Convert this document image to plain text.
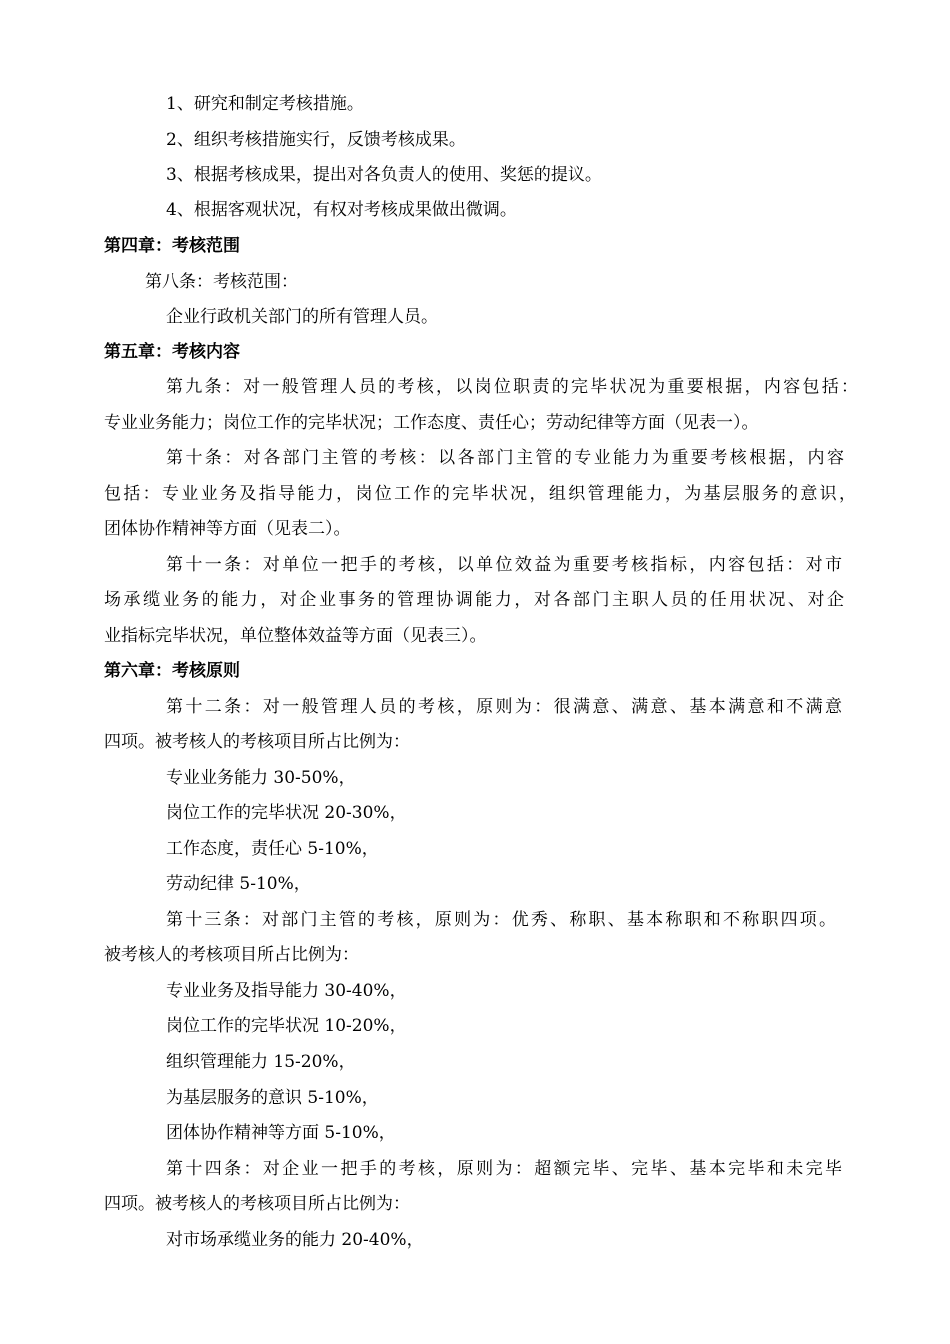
1、研究和制定考核措施。
2、组织考核措施实行，反馈考核成果。
3、根据考核成果，提出对各负责人的使用、奖惩的提议。
4、根据客观状况，有权对考核成果做出微调。
第四章：考核范围
第八条：考核范围：
企业行政机关部门的所有管理人员。
第五章：考核内容
第九条：对一般管理人员的考核，以岗位职责的完毕状况为重要根据，内容包括：
专业业务能力；岗位工作的完毕状况；工作态度、责任心；劳动纪律等方面（见表一）。
第十条：对各部门主管的考核：以各部门主管的专业能力为重要考核根据，内容
包括：专业业务及指导能力，岗位工作的完毕状况，组织管理能力，为基层服务的意识，
团体协作精神等方面（见表二）。
第十一条：对单位一把手的考核，以单位效益为重要考核指标，内容包括：对市
场承缆业务的能力，对企业事务的管理协调能力，对各部门主职人员的任用状况、对企
业指标完毕状况，单位整体效益等方面（见表三）。
第六章：考核原则
第十二条：对一般管理人员的考核，原则为：很满意、满意、基本满意和不满意
四项。被考核人的考核项目所占比例为：
专业业务能力 30-50%，
岗位工作的完毕状况 20-30%，
工作态度，责任心 5-10%，
劳动纪律 5-10%，
第十三条：对部门主管的考核，原则为：优秀、称职、基本称职和不称职四项。
被考核人的考核项目所占比例为：
专业业务及指导能力 30-40%，
岗位工作的完毕状况 10-20%，
组织管理能力 15-20%，
为基层服务的意识 5-10%，
团体协作精神等方面 5-10%，
第十四条：对企业一把手的考核，原则为：超额完毕、完毕、基本完毕和未完毕
四项。被考核人的考核项目所占比例为：
对市场承缆业务的能力 20-40%，
